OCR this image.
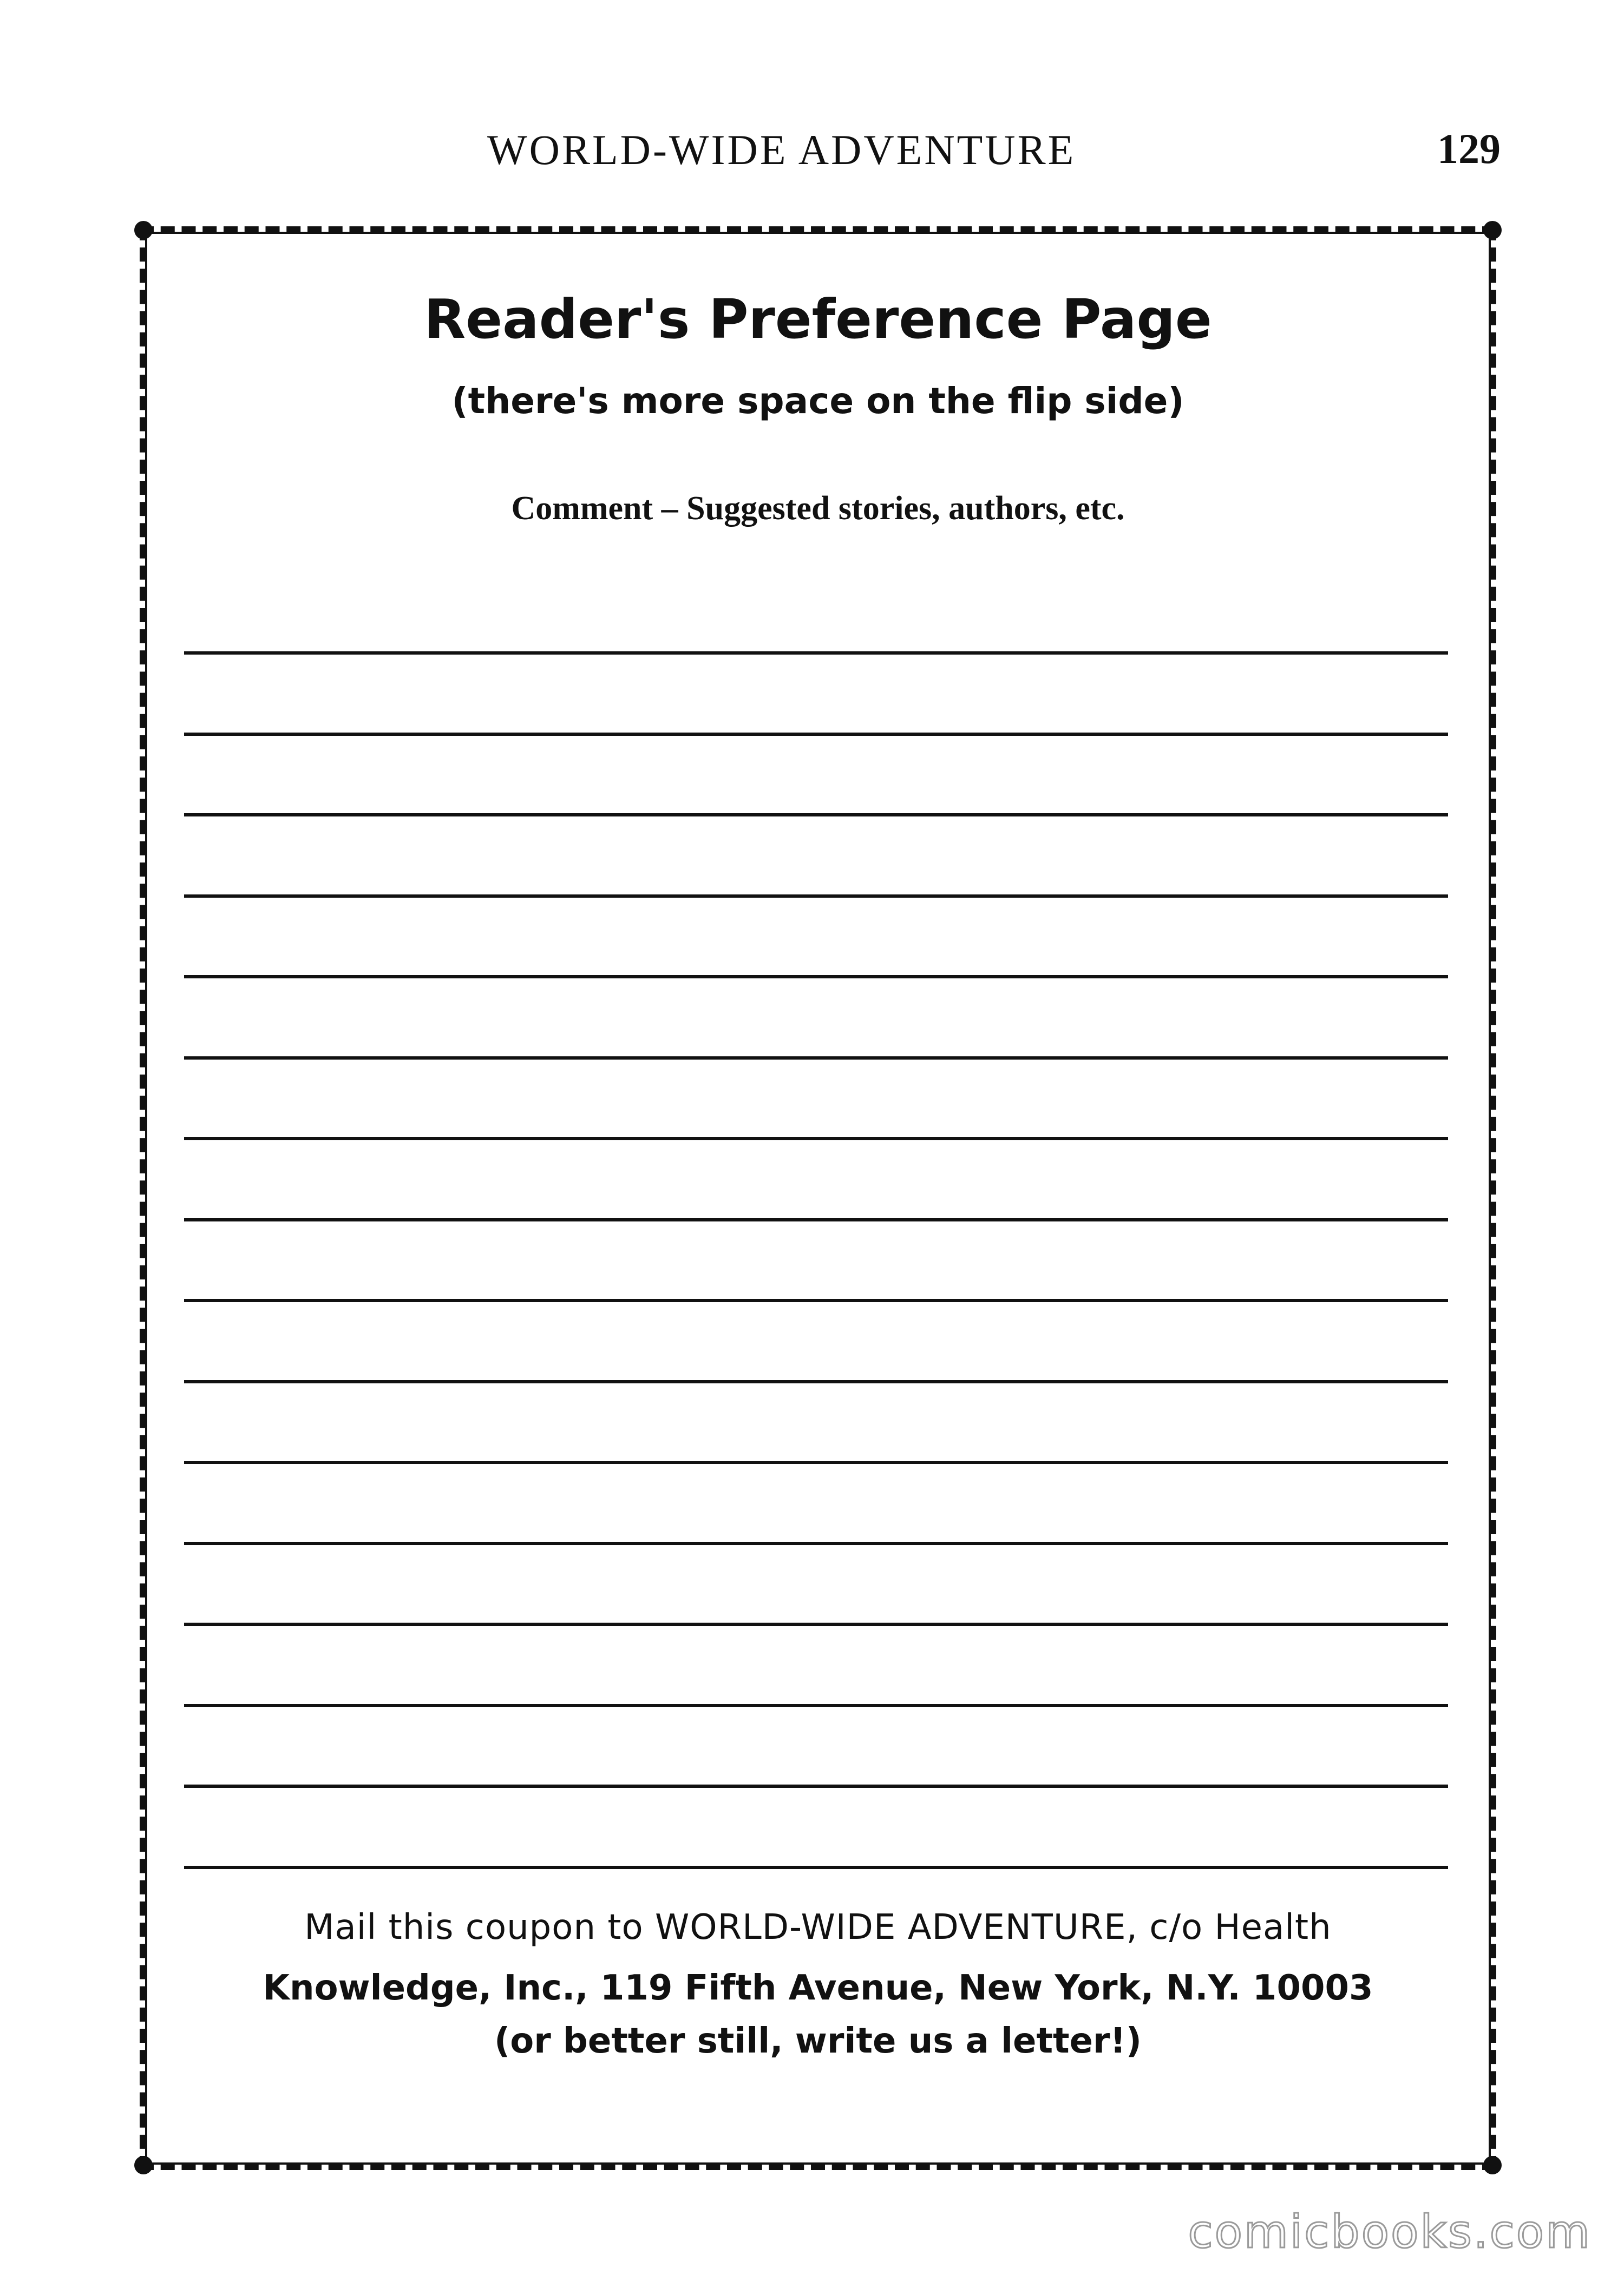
WORLD-WIDE ADVENTURE	129
Reader's Preference Page
(there's more space on the flip side)
Comment – Suggested stories, authors, etc.
Mail this coupon to WORLD-WIDE ADVENTURE, c/o Health
Knowledge, Inc., 119 Fifth Avenue, New York, N.Y. 10003
(or better still, write us a letter!)
comicbooks.com
